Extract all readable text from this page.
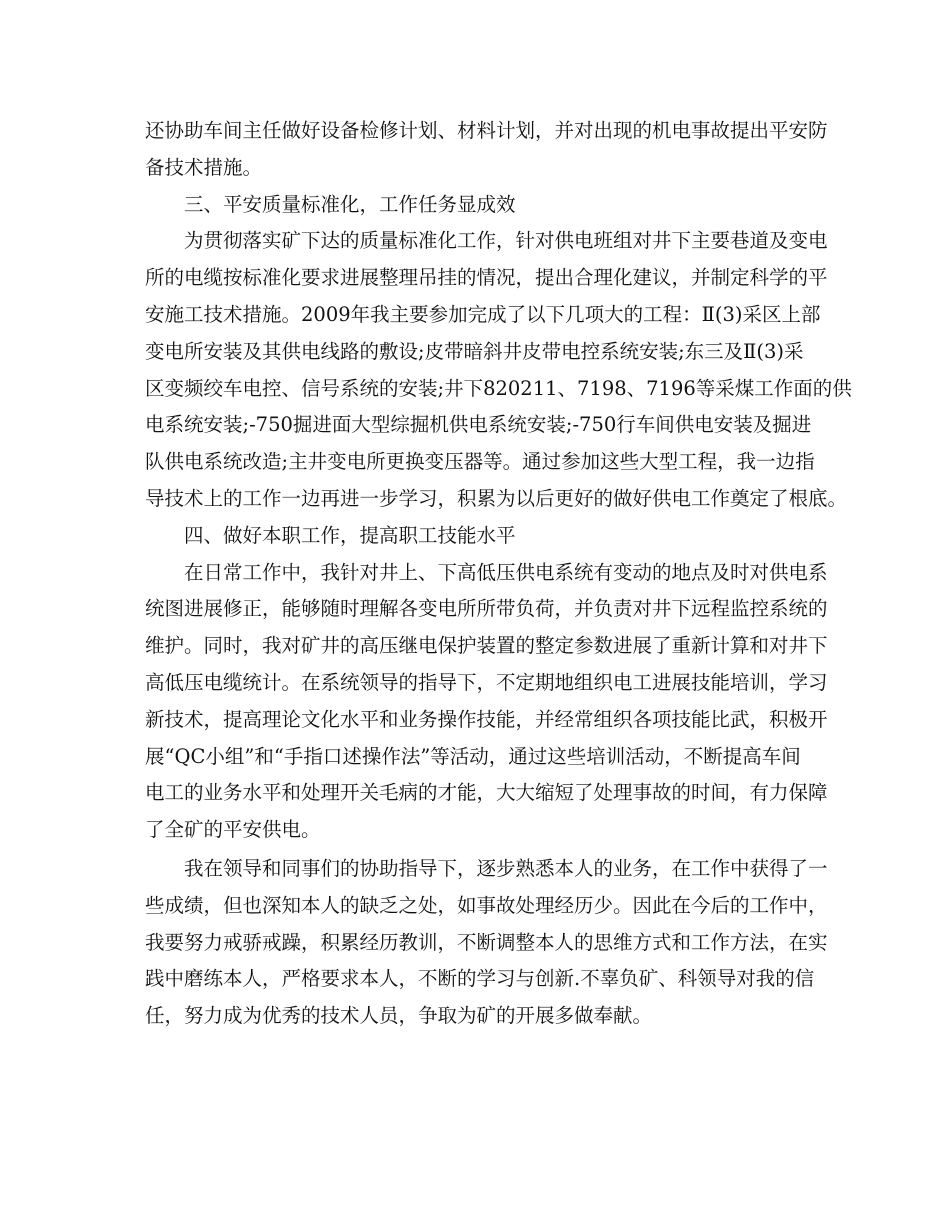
还协助车间主任做好设备检修计划、材料计划，并对出现的机电事故提出平安防
备技术措施。
三、平安质量标准化，工作任务显成效
为贯彻落实矿下达的质量标准化工作，针对供电班组对井下主要巷道及变电
所的电缆按标准化要求进展整理吊挂的情况，提出合理化建议，并制定科学的平
安施工技术措施。2009年我主要参加完成了以下几项大的工程：Ⅱ(3)采区上部
变电所安装及其供电线路的敷设;皮带暗斜井皮带电控系统安装;东三及Ⅱ(3)采
区变频绞车电控、信号系统的安装;井下820211、7198、7196等采煤工作面的供
电系统安装;-750掘进面大型综掘机供电系统安装;-750行车间供电安装及掘进
队供电系统改造;主井变电所更换变压器等。通过参加这些大型工程，我一边指
导技术上的工作一边再进一步学习，积累为以后更好的做好供电工作奠定了根底。
四、做好本职工作，提高职工技能水平
在日常工作中，我针对井上、下高低压供电系统有变动的地点及时对供电系
统图进展修正，能够随时理解各变电所所带负荷，并负责对井下远程监控系统的
维护。同时，我对矿井的高压继电保护装置的整定参数进展了重新计算和对井下
高低压电缆统计。在系统领导的指导下，不定期地组织电工进展技能培训，学习
新技术，提高理论文化水平和业务操作技能，并经常组织各项技能比武，积极开
展“QC小组”和“手指口述操作法”等活动，通过这些培训活动，不断提高车间
电工的业务水平和处理开关毛病的才能，大大缩短了处理事故的时间，有力保障
了全矿的平安供电。
我在领导和同事们的协助指导下，逐步熟悉本人的业务，在工作中获得了一
些成绩，但也深知本人的缺乏之处，如事故处理经历少。因此在今后的工作中，
我要努力戒骄戒躁，积累经历教训，不断调整本人的思维方式和工作方法，在实
践中磨练本人，严格要求本人，不断的学习与创新.不辜负矿、科领导对我的信
任，努力成为优秀的技术人员，争取为矿的开展多做奉献。
